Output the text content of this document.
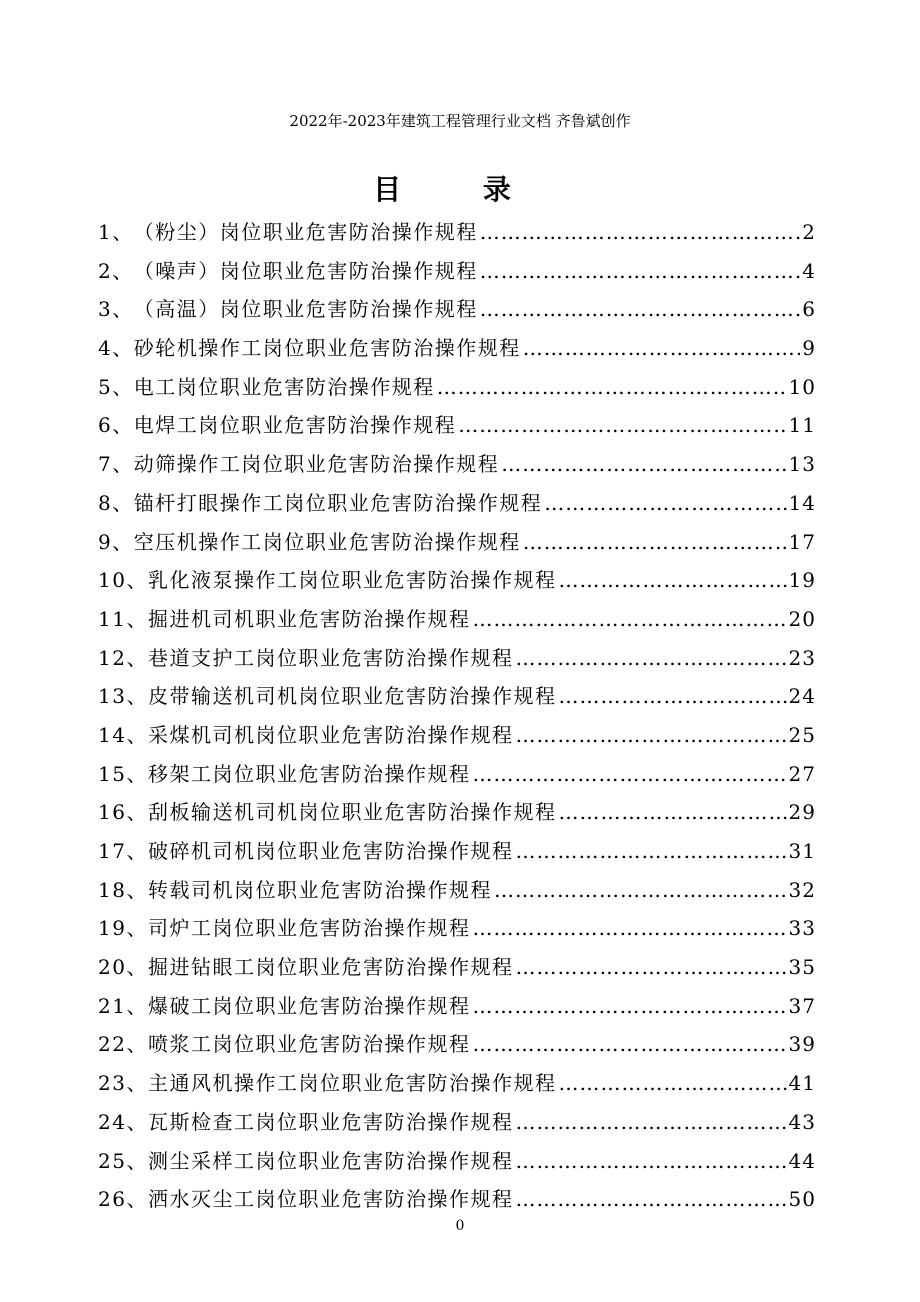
2022年-2023年建筑工程管理行业文档 齐鲁斌创作
目 录
1、 （粉尘）岗位职业危害防治操作规程 …………………………………………………………………………………………………………………………	2
2、 （噪声）岗位职业危害防治操作规程 …………………………………………………………………………………………………………………………	4
3、 （高温）岗位职业危害防治操作规程 …………………………………………………………………………………………………………………………	6
4、 砂轮机操作工岗位职业危害防治操作规程 …………………………………………………………………………………………………………………………	9
5、 电工岗位职业危害防治操作规程 …………………………………………………………………………………………………………………………	10
6、 电焊工岗位职业危害防治操作规程 …………………………………………………………………………………………………………………………	11
7、 动筛操作工岗位职业危害防治操作规程 …………………………………………………………………………………………………………………………	13
8、 锚杆打眼操作工岗位职业危害防治操作规程 …………………………………………………………………………………………………………………………	14
9、 空压机操作工岗位职业危害防治操作规程 …………………………………………………………………………………………………………………………	17
10、 乳化液泵操作工岗位职业危害防治操作规程 …………………………………………………………………………………………………………………………	19
11、 掘进机司机职业危害防治操作规程 …………………………………………………………………………………………………………………………	20
12、 巷道支护工岗位职业危害防治操作规程 …………………………………………………………………………………………………………………………	23
13、 皮带输送机司机岗位职业危害防治操作规程 …………………………………………………………………………………………………………………………	24
14、 采煤机司机岗位职业危害防治操作规程 …………………………………………………………………………………………………………………………	25
15、 移架工岗位职业危害防治操作规程 …………………………………………………………………………………………………………………………	27
16、 刮板输送机司机岗位职业危害防治操作规程 …………………………………………………………………………………………………………………………	29
17、 破碎机司机岗位职业危害防治操作规程 …………………………………………………………………………………………………………………………	31
18、 转载司机岗位职业危害防治操作规程 …………………………………………………………………………………………………………………………	32
19、 司炉工岗位职业危害防治操作规程 …………………………………………………………………………………………………………………………	33
20、 掘进钻眼工岗位职业危害防治操作规程 …………………………………………………………………………………………………………………………	35
21、 爆破工岗位职业危害防治操作规程 …………………………………………………………………………………………………………………………	37
22、 喷浆工岗位职业危害防治操作规程 …………………………………………………………………………………………………………………………	39
23、 主通风机操作工岗位职业危害防治操作规程 …………………………………………………………………………………………………………………………	41
24、 瓦斯检查工岗位职业危害防治操作规程 …………………………………………………………………………………………………………………………	43
25、 测尘采样工岗位职业危害防治操作规程 …………………………………………………………………………………………………………………………	44
26、 洒水灭尘工岗位职业危害防治操作规程 …………………………………………………………………………………………………………………………	50
0
